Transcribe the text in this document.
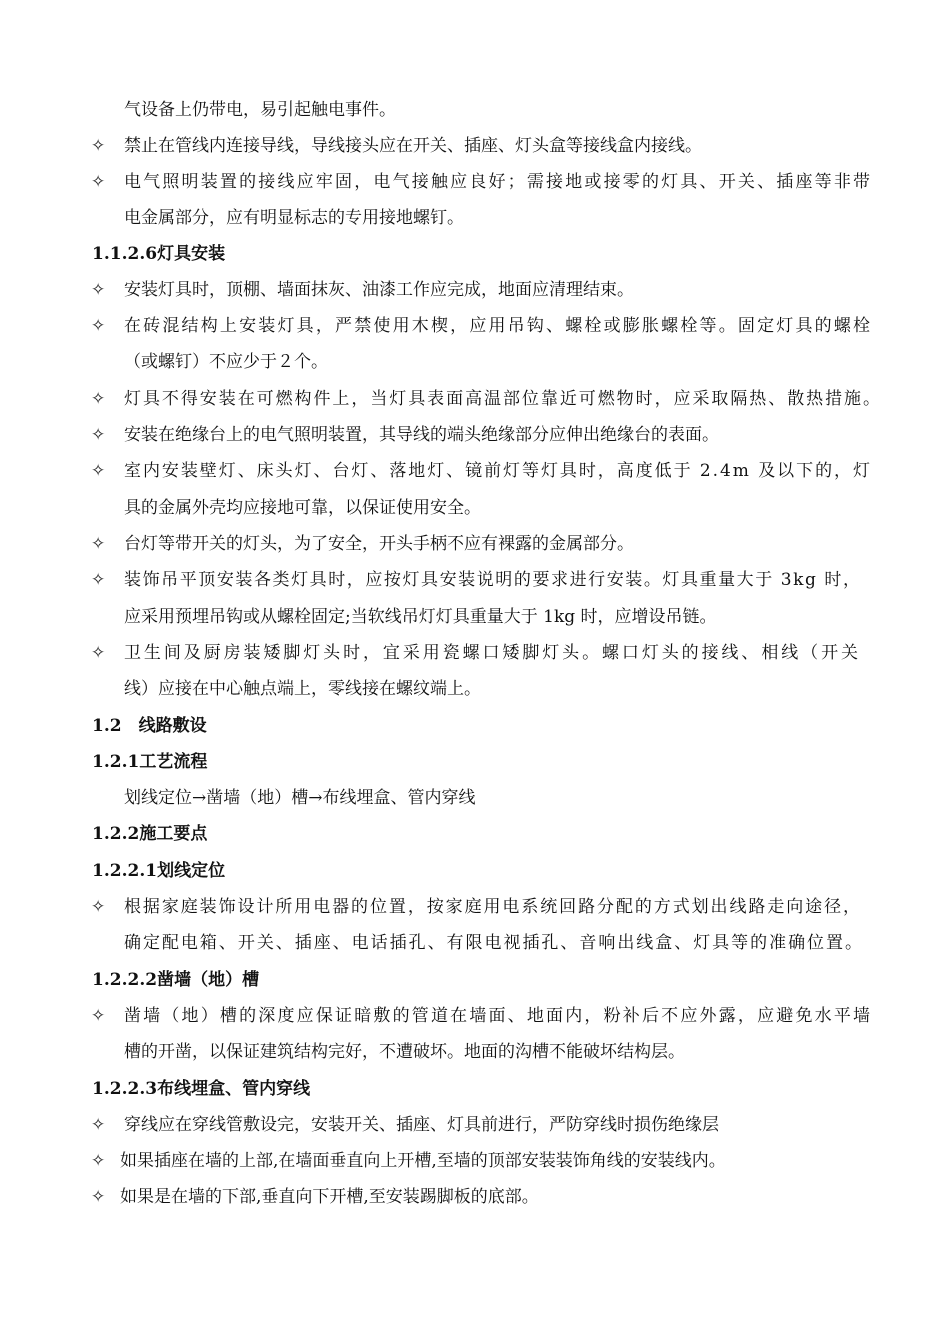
气设备上仍带电，易引起触电事件。
✧ 禁止在管线内连接导线，导线接头应在开关、插座、灯头盒等接线盒内接线。
✧ 电气照明装置的接线应牢固，电气接触应良好；需接地或接零的灯具、开关、插座等非带
电金属部分，应有明显标志的专用接地螺钉。
1.1.2.6灯具安装
✧ 安装灯具时，顶棚、墙面抹灰、油漆工作应完成，地面应清理结束。
✧ 在砖混结构上安装灯具，严禁使用木楔，应用吊钩、螺栓或膨胀螺栓等。固定灯具的螺栓
（或螺钉）不应少于２个。
✧ 灯具不得安装在可燃构件上，当灯具表面高温部位靠近可燃物时，应采取隔热、散热措施。
✧ 安装在绝缘台上的电气照明装置，其导线的端头绝缘部分应伸出绝缘台的表面。
✧ 室内安装壁灯、床头灯、台灯、落地灯、镜前灯等灯具时，高度低于 2.4m 及以下的，灯
具的金属外壳均应接地可靠，以保证使用安全。
✧ 台灯等带开关的灯头，为了安全，开头手柄不应有裸露的金属部分。
✧ 装饰吊平顶安装各类灯具时，应按灯具安装说明的要求进行安装。灯具重量大于 3kg 时，
应采用预埋吊钩或从螺栓固定;当软线吊灯灯具重量大于 1kg 时，应增设吊链。
✧ 卫生间及厨房装矮脚灯头时，宜采用瓷螺口矮脚灯头。螺口灯头的接线、相线（开关
线）应接在中心触点端上，零线接在螺纹端上。
1.2　线路敷设
1.2.1工艺流程
划线定位→凿墙（地）槽→布线埋盒、管内穿线
1.2.2施工要点
1.2.2.1划线定位
✧ 根据家庭装饰设计所用电器的位置，按家庭用电系统回路分配的方式划出线路走向途径，
确定配电箱、开关、插座、电话插孔、有限电视插孔、音响出线盒、灯具等的准确位置。
1.2.2.2凿墙（地）槽
✧ 凿墙（地）槽的深度应保证暗敷的管道在墙面、地面内，粉补后不应外露，应避免水平墙
槽的开凿，以保证建筑结构完好，不遭破坏。地面的沟槽不能破坏结构层。
1.2.2.3布线埋盒、管内穿线
✧ 穿线应在穿线管敷设完，安装开关、插座、灯具前进行，严防穿线时损伤绝缘层
✧ 如果插座在墙的上部,在墙面垂直向上开槽,至墙的顶部安装装饰角线的安装线内。
✧ 如果是在墙的下部,垂直向下开槽,至安装踢脚板的底部。
